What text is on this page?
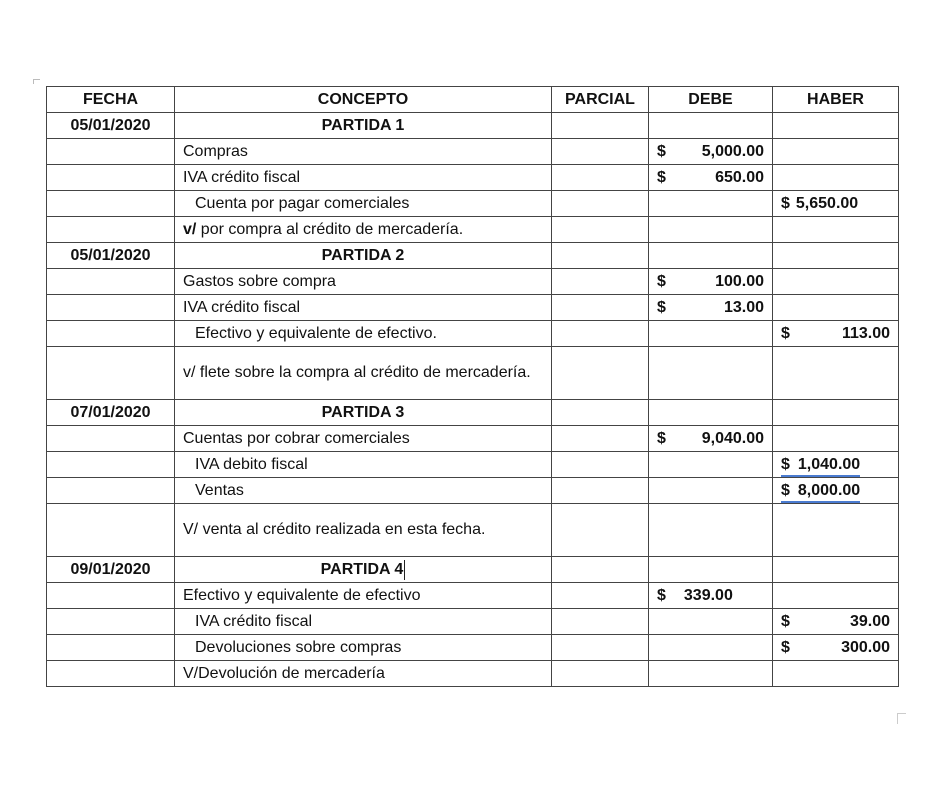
FECHA	CONCEPTO	PARCIAL	DEBE	HABER
05/01/2020	PARTIDA 1			
	Compras		$ 5,000.00	

	IVA crédito fiscal		$ 650.00	

	Cuenta por pagar comerciales			$ 5,650.00

	v/ por compra al crédito de mercadería.			
05/01/2020	PARTIDA 2			
	Gastos sobre compra		$ 100.00	

	IVA crédito fiscal		$ 13.00	

	Efectivo y equivalente de efectivo.			$ 113.00

	v/ flete sobre la compra al crédito de mercadería.			
07/01/2020	PARTIDA 3			
	Cuentas por cobrar comerciales		$ 9,040.00	

	IVA debito fiscal			$ 1,040.00

	Ventas			$ 8,000.00

	V/ venta al crédito realizada en esta fecha.			
09/01/2020	PARTIDA 4			
	Efectivo y equivalente de efectivo		$ 339.00	

	IVA crédito fiscal			$ 39.00

	Devoluciones sobre compras			$ 300.00

	V/Devolución de mercadería			
